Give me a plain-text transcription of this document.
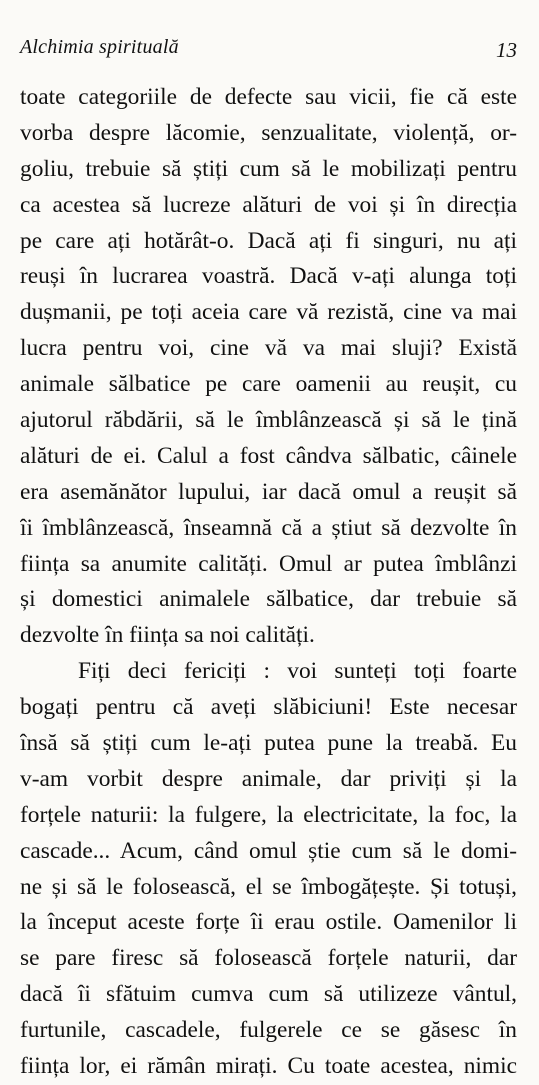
Alchimia spirituală	13
toate categoriile de defecte sau vicii, fie că este
vorba despre lăcomie, senzualitate, violență, or-
goliu, trebuie să știți cum să le mobilizați pentru
ca acestea să lucreze alături de voi și în direcția
pe care ați hotărât-o. Dacă ați fi singuri, nu ați
reuși în lucrarea voastră. Dacă v-ați alunga toți
dușmanii, pe toți aceia care vă rezistă, cine va mai
lucra pentru voi, cine vă va mai sluji? Există
animale sălbatice pe care oamenii au reușit, cu
ajutorul răbdării, să le îmblânzească și să le țină
alături de ei. Calul a fost cândva sălbatic, câinele
era asemănător lupului, iar dacă omul a reușit să
îi îmblânzească, înseamnă că a știut să dezvolte în
ființa sa anumite calități. Omul ar putea îmblânzi
și domestici animalele sălbatice, dar trebuie să
dezvolte în ființa sa noi calități.
Fiți deci fericiți : voi sunteți toți foarte
bogați pentru că aveți slăbiciuni! Este necesar
însă să știți cum le-ați putea pune la treabă. Eu
v-am vorbit despre animale, dar priviți și la
forțele naturii: la fulgere, la electricitate, la foc, la
cascade... Acum, când omul știe cum să le domi-
ne și să le folosească, el se îmbogățește. Și totuși,
la început aceste forțe îi erau ostile. Oamenilor li
se pare firesc să folosească forțele naturii, dar
dacă îi sfătuim cumva cum să utilizeze vântul,
furtunile, cascadele, fulgerele ce se găsesc în
ființa lor, ei rămân mirați. Cu toate acestea, nimic
